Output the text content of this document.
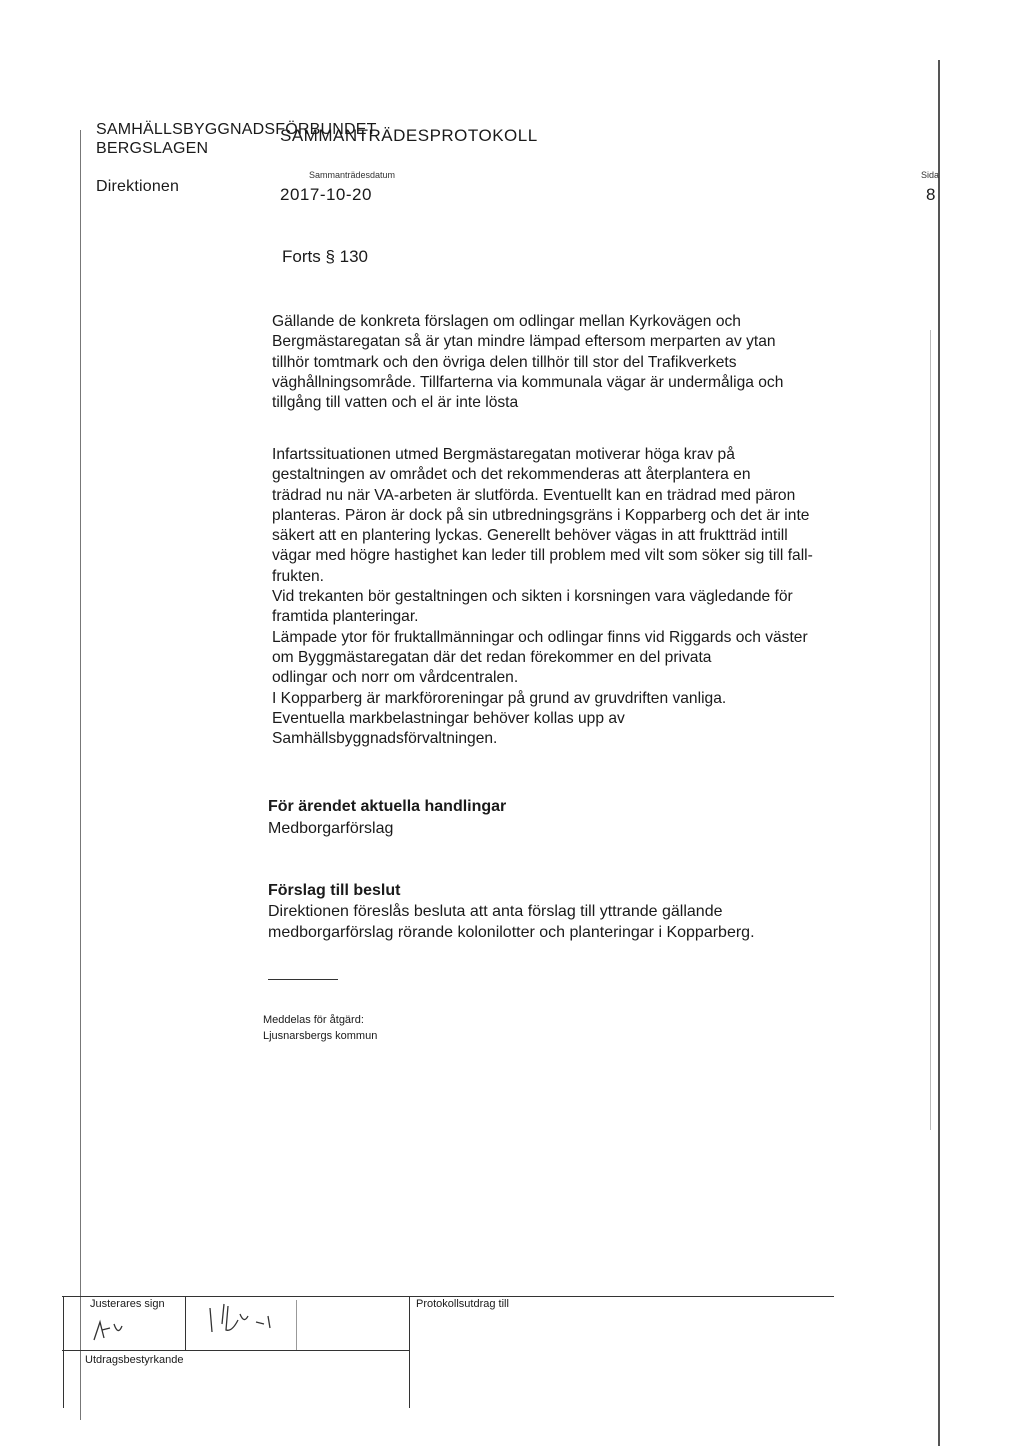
SAMHÄLLSBYGGNADSFÖRBUNDET
BERGSLAGEN
Direktionen
SAMMANTRÄDESPROTOKOLL
Sammanträdesdatum
2017-10-20
Sida
8
Forts § 130
Gällande de konkreta förslagen om odlingar mellan Kyrkovägen och
Bergmästaregatan så är ytan mindre lämpad eftersom merparten av ytan
tillhör tomtmark och den övriga delen tillhör till stor del Trafikverkets
väghållningsområde. Tillfarterna via kommunala vägar är undermåliga och
tillgång till vatten och el är inte lösta
Infartssituationen utmed Bergmästaregatan motiverar höga krav på
gestaltningen av området och det rekommenderas att återplantera en
trädrad nu när VA-arbeten är slutförda. Eventuellt kan en trädrad med päron
planteras. Päron är dock på sin utbredningsgräns i Kopparberg och det är inte
säkert att en plantering lyckas. Generellt behöver vägas in att fruktträd intill
vägar med högre hastighet kan leder till problem med vilt som söker sig till fall-
frukten.
Vid trekanten bör gestaltningen och sikten i korsningen vara vägledande för
framtida planteringar.
Lämpade ytor för fruktallmänningar och odlingar finns vid Riggards och väster
om Byggmästaregatan där det redan förekommer en del privata
odlingar och norr om vårdcentralen.
I Kopparberg är markföroreningar på grund av gruvdriften vanliga.
Eventuella markbelastningar behöver kollas upp av
Samhällsbyggnadsförvaltningen.
För ärendet aktuella handlingar
Medborgarförslag
Förslag till beslut
Direktionen föreslås besluta att anta förslag till yttrande gällande
medborgarförslag rörande kolonilotter och planteringar i Kopparberg.
Meddelas för åtgärd:
Ljusnarsbergs kommun
Justerares sign
Utdragsbestyrkande
Protokollsutdrag till
